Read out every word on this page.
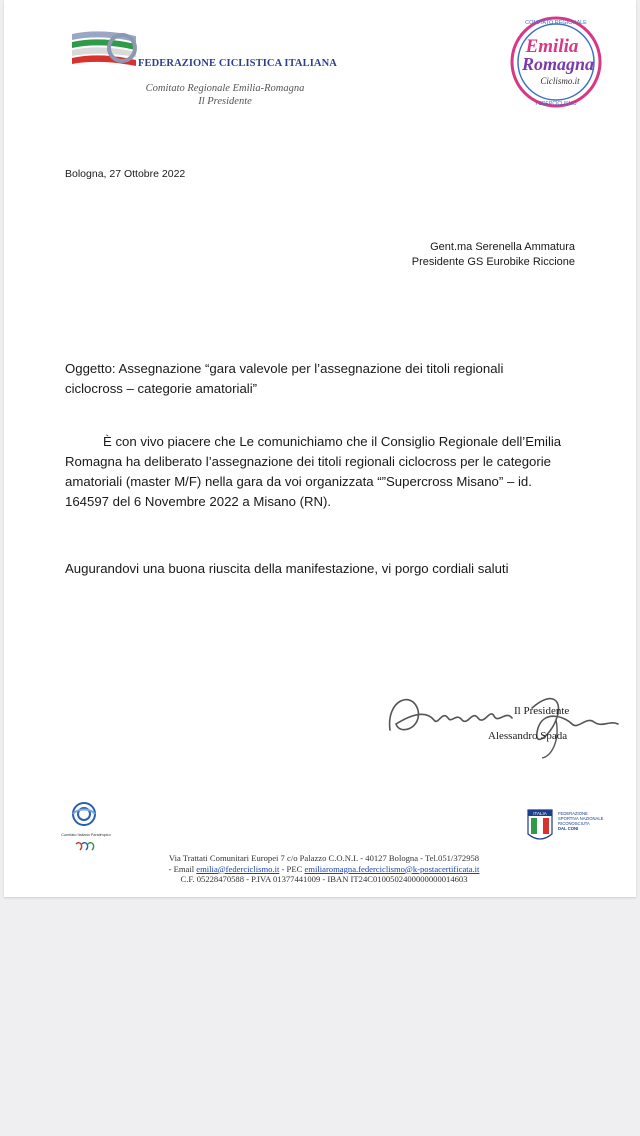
FEDERAZIONE CICLISTICA ITALIANA
Comitato Regionale Emilia-Romagna
Il Presidente
COMITATO REGIONALE
FEDERCICLISMO
Emilia
Romagna
Ciclismo.it
Bologna, 27 Ottobre 2022
Gent.ma Serenella Ammatura
Presidente GS Eurobike Riccione
Oggetto: Assegnazione “gara valevole per l’assegnazione dei titoli regionali
ciclocross – categorie amatoriali”
È con vivo piacere che Le comunichiamo che il Consiglio Regionale dell’Emilia
Romagna ha deliberato l’assegnazione dei titoli regionali ciclocross per le categorie
amatoriali (master M/F) nella gara da voi organizzata “”Supercross Misano” – id.
164597 del 6 Novembre 2022 a Misano (RN).
Augurandovi una buona riuscita della manifestazione, vi porgo cordiali saluti
Il Presidente
Alessandro Spada
Comitato Italiano Paralimpico
ITALIA	FEDERAZIONE
SPORTIVA NAZIONALE
RICONOSCIUTA
DAL CONI
Via Trattati Comunitari Europei 7 c/o Palazzo C.O.N.I. - 40127 Bologna - Tel.051/372958
- Email emilia@federciclismo.it - PEC emiliaromagna.federciclismo@k-postacertificata.it
C.F. 05228470588 - P.IVA 01377441009 - IBAN IT24C0100502400000000014603
